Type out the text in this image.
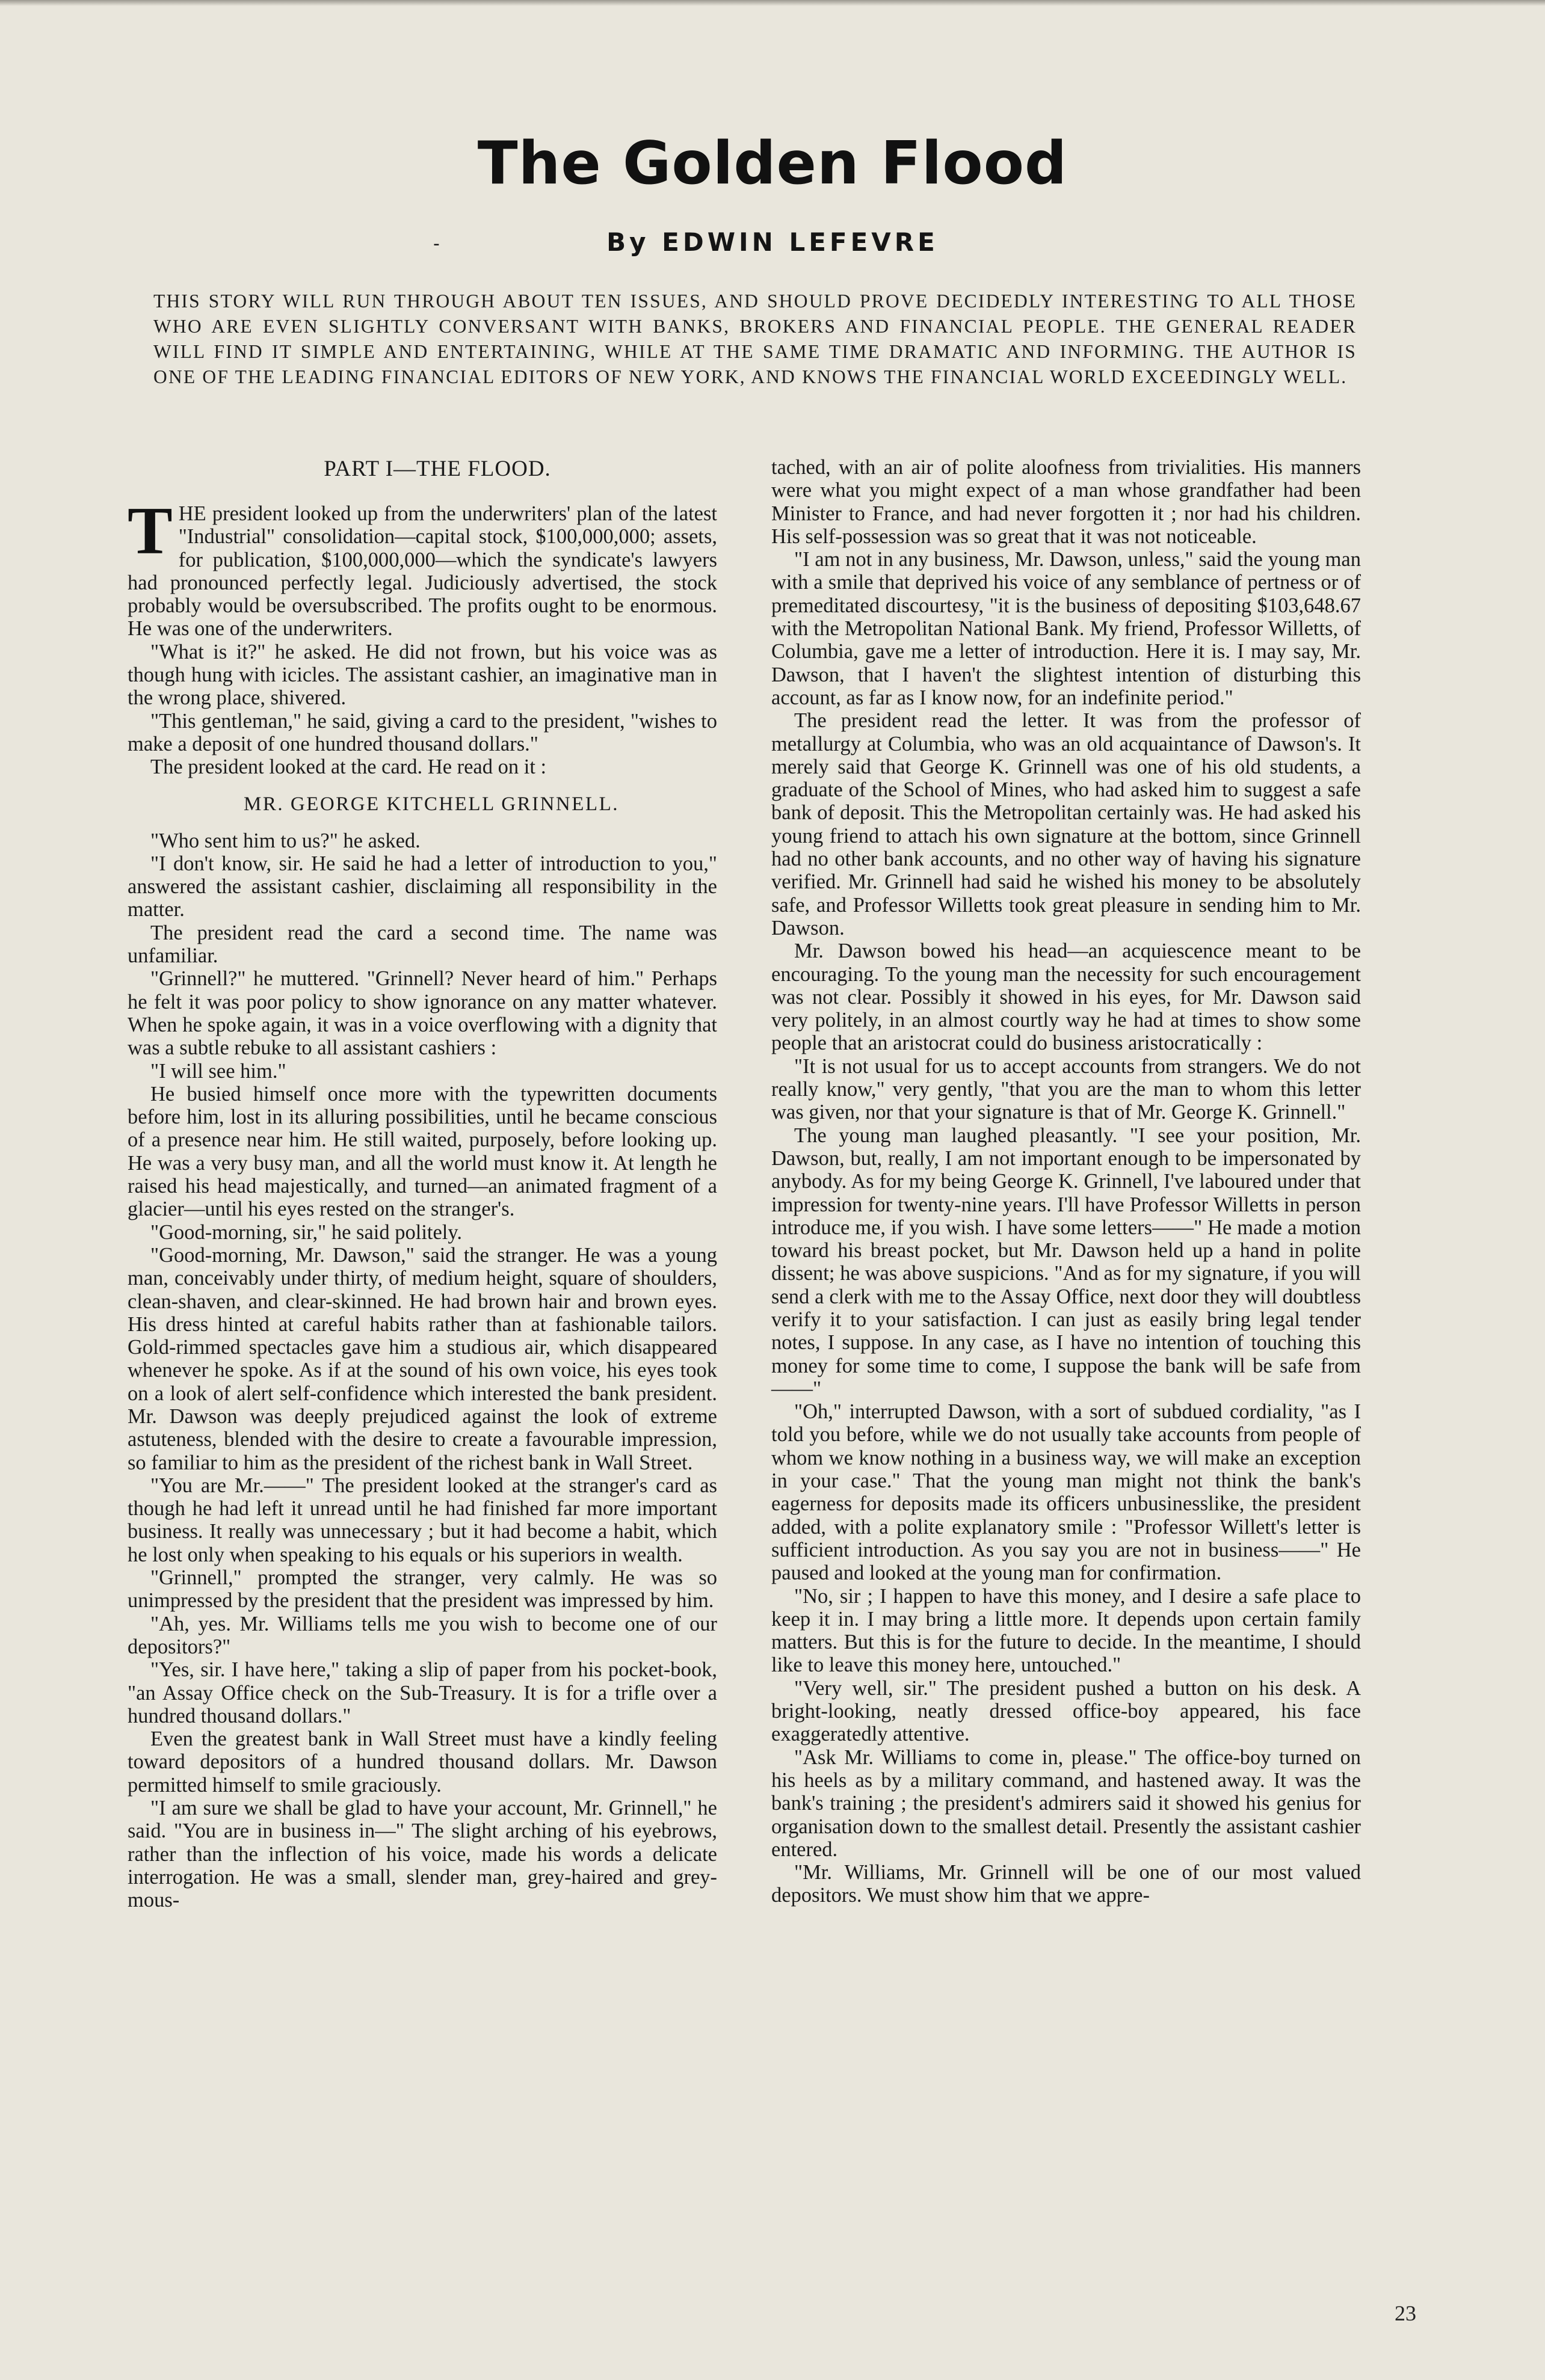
The Golden Flood
-	By EDWIN LEFEVRE
THIS STORY WILL RUN THROUGH ABOUT TEN ISSUES, AND SHOULD PROVE DECIDEDLY INTERESTING TO ALL THOSE WHO ARE EVEN SLIGHTLY CONVERSANT WITH BANKS, BROKERS AND FINANCIAL PEOPLE. THE GENERAL READER WILL FIND IT SIMPLE AND ENTERTAINING, WHILE AT THE SAME TIME DRAMATIC AND INFORMING. THE AUTHOR IS ONE OF THE LEADING FINANCIAL EDITORS OF NEW YORK, AND KNOWS THE FINANCIAL WORLD EXCEEDINGLY WELL.
PART I—THE FLOOD.

T HE president looked up from the underwriters' plan of the latest "Industrial" consolidation—capital stock, $100,000,000; assets, for publication, $100,000,000—which the syndicate's lawyers had pronounced perfectly legal. Judiciously advertised, the stock probably would be oversubscribed. The profits ought to be enormous. He was one of the underwriters.

"What is it?" he asked. He did not frown, but his voice was as though hung with icicles. The assistant cashier, an imaginative man in the wrong place, shivered.

"This gentleman," he said, giving a card to the president, "wishes to make a deposit of one hundred thousand dollars."

The president looked at the card. He read on it :

MR. GEORGE KITCHELL GRINNELL.

"Who sent him to us?" he asked.

"I don't know, sir. He said he had a letter of introduction to you," answered the assistant cashier, disclaiming all responsibility in the matter.

The president read the card a second time. The name was unfamiliar.

"Grinnell?" he muttered. "Grinnell? Never heard of him." Perhaps he felt it was poor policy to show ignorance on any matter whatever. When he spoke again, it was in a voice overflowing with a dignity that was a subtle rebuke to all assistant cashiers :

"I will see him."

He busied himself once more with the typewritten documents before him, lost in its alluring possibilities, until he became conscious of a presence near him. He still waited, purposely, before looking up. He was a very busy man, and all the world must know it. At length he raised his head majestically, and turned—an animated fragment of a glacier—until his eyes rested on the stranger's.

"Good-morning, sir," he said politely.

"Good-morning, Mr. Dawson," said the stranger. He was a young man, conceivably under thirty, of medium height, square of shoulders, clean-shaven, and clear-skinned. He had brown hair and brown eyes. His dress hinted at careful habits rather than at fashionable tailors. Gold-rimmed spectacles gave him a studious air, which disappeared whenever he spoke. As if at the sound of his own voice, his eyes took on a look of alert self-confidence which interested the bank president. Mr. Dawson was deeply prejudiced against the look of extreme astuteness, blended with the desire to create a favourable impression, so familiar to him as the president of the richest bank in Wall Street.

"You are Mr.——" The president looked at the stranger's card as though he had left it unread until he had finished far more important business. It really was unnecessary ; but it had become a habit, which he lost only when speaking to his equals or his superiors in wealth.

"Grinnell," prompted the stranger, very calmly. He was so unimpressed by the president that the president was impressed by him.

"Ah, yes. Mr. Williams tells me you wish to become one of our depositors?"

"Yes, sir. I have here," taking a slip of paper from his pocket-book, "an Assay Office check on the Sub-Treasury. It is for a trifle over a hundred thousand dollars."

Even the greatest bank in Wall Street must have a kindly feeling toward depositors of a hundred thousand dollars. Mr. Dawson permitted himself to smile graciously.

"I am sure we shall be glad to have your account, Mr. Grinnell," he said. "You are in business in—" The slight arching of his eyebrows, rather than the inflection of his voice, made his words a delicate interrogation. He was a small, slender man, grey-haired and grey-mous-

tached, with an air of polite aloofness from trivialities. His manners were what you might expect of a man whose grandfather had been Minister to France, and had never forgotten it ; nor had his children. His self-possession was so great that it was not noticeable.

"I am not in any business, Mr. Dawson, unless," said the young man with a smile that deprived his voice of any semblance of pertness or of premeditated discourtesy, "it is the business of depositing $103,648.67 with the Metropolitan National Bank. My friend, Professor Willetts, of Columbia, gave me a letter of introduction. Here it is. I may say, Mr. Dawson, that I haven't the slightest intention of disturbing this account, as far as I know now, for an indefinite period."

The president read the letter. It was from the professor of metallurgy at Columbia, who was an old acquaintance of Dawson's. It merely said that George K. Grinnell was one of his old students, a graduate of the School of Mines, who had asked him to suggest a safe bank of deposit. This the Metropolitan certainly was. He had asked his young friend to attach his own signature at the bottom, since Grinnell had no other bank accounts, and no other way of having his signature verified. Mr. Grinnell had said he wished his money to be absolutely safe, and Professor Willetts took great pleasure in sending him to Mr. Dawson.

Mr. Dawson bowed his head—an acquiescence meant to be encouraging. To the young man the necessity for such encouragement was not clear. Possibly it showed in his eyes, for Mr. Dawson said very politely, in an almost courtly way he had at times to show some people that an aristocrat could do business aristocratically :

"It is not usual for us to accept accounts from strangers. We do not really know," very gently, "that you are the man to whom this letter was given, nor that your signature is that of Mr. George K. Grinnell."

The young man laughed pleasantly. "I see your position, Mr. Dawson, but, really, I am not important enough to be impersonated by anybody. As for my being George K. Grinnell, I've laboured under that impression for twenty-nine years. I'll have Professor Willetts in person introduce me, if you wish. I have some letters——" He made a motion toward his breast pocket, but Mr. Dawson held up a hand in polite dissent; he was above suspicions. "And as for my signature, if you will send a clerk with me to the Assay Office, next door they will doubtless verify it to your satisfaction. I can just as easily bring legal tender notes, I suppose. In any case, as I have no intention of touching this money for some time to come, I suppose the bank will be safe from——"

"Oh," interrupted Dawson, with a sort of subdued cordiality, "as I told you before, while we do not usually take accounts from people of whom we know nothing in a business way, we will make an exception in your case." That the young man might not think the bank's eagerness for deposits made its officers unbusinesslike, the president added, with a polite explanatory smile : "Professor Willett's letter is sufficient introduction. As you say you are not in business——" He paused and looked at the young man for confirmation.

"No, sir ; I happen to have this money, and I desire a safe place to keep it in. I may bring a little more. It depends upon certain family matters. But this is for the future to decide. In the meantime, I should like to leave this money here, untouched."

"Very well, sir." The president pushed a button on his desk. A bright-looking, neatly dressed office-boy appeared, his face exaggeratedly attentive.

"Ask Mr. Williams to come in, please." The office-boy turned on his heels as by a military command, and hastened away. It was the bank's training ; the president's admirers said it showed his genius for organisation down to the smallest detail. Presently the assistant cashier entered.

"Mr. Williams, Mr. Grinnell will be one of our most valued depositors. We must show him that we appre-

23
